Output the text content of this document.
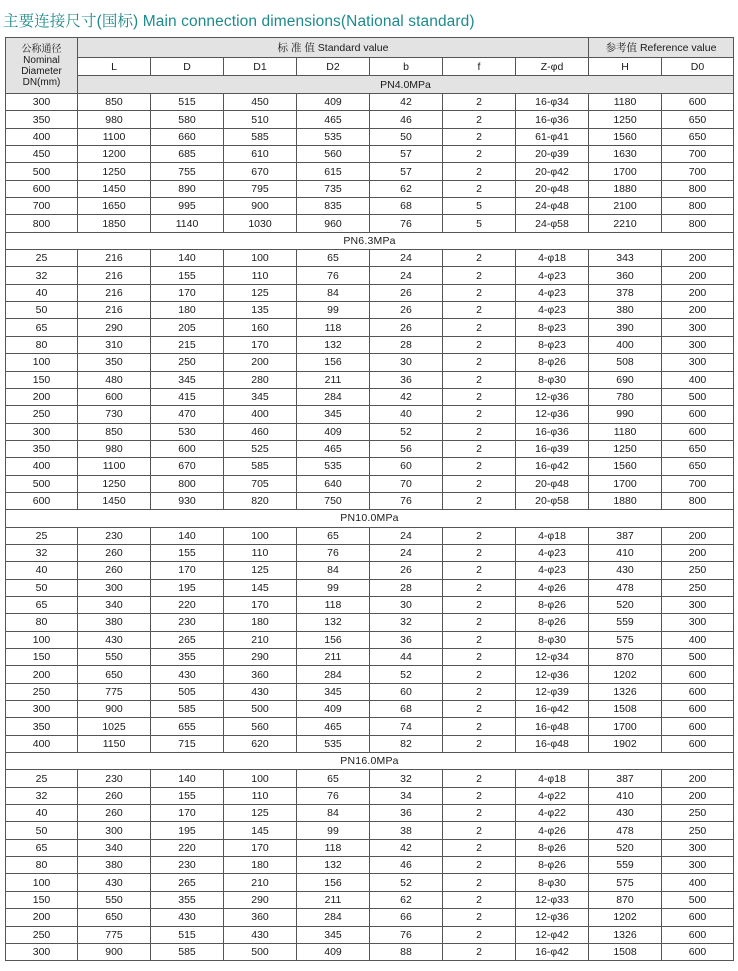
主要连接尺寸(国标) Main connection dimensions(National standard)
公称通径 Nominal Diameter DN(mm)	标 准 值 Standard value							参考值 Reference value	
	L	D	D1	D2	b	f	Z-φd	H	D0
	PN4.0MPa								
300	850	515	450	409	42	2	16-φ34	1180	600
350	980	580	510	465	46	2	16-φ36	1250	650
400	1100	660	585	535	50	2	61-φ41	1560	650
450	1200	685	610	560	57	2	20-φ39	1630	700
500	1250	755	670	615	57	2	20-φ42	1700	700
600	1450	890	795	735	62	2	20-φ48	1880	800
700	1650	995	900	835	68	5	24-φ48	2100	800
800	1850	1140	1030	960	76	5	24-φ58	2210	800
PN6.3MPa									
25	216	140	100	65	24	2	4-φ18	343	200
32	216	155	110	76	24	2	4-φ23	360	200
40	216	170	125	84	26	2	4-φ23	378	200
50	216	180	135	99	26	2	4-φ23	380	200
65	290	205	160	118	26	2	8-φ23	390	300
80	310	215	170	132	28	2	8-φ23	400	300
100	350	250	200	156	30	2	8-φ26	508	300
150	480	345	280	211	36	2	8-φ30	690	400
200	600	415	345	284	42	2	12-φ36	780	500
250	730	470	400	345	40	2	12-φ36	990	600
300	850	530	460	409	52	2	16-φ36	1180	600
350	980	600	525	465	56	2	16-φ39	1250	650
400	1100	670	585	535	60	2	16-φ42	1560	650
500	1250	800	705	640	70	2	20-φ48	1700	700
600	1450	930	820	750	76	2	20-φ58	1880	800
PN10.0MPa									
25	230	140	100	65	24	2	4-φ18	387	200
32	260	155	110	76	24	2	4-φ23	410	200
40	260	170	125	84	26	2	4-φ23	430	250
50	300	195	145	99	28	2	4-φ26	478	250
65	340	220	170	118	30	2	8-φ26	520	300
80	380	230	180	132	32	2	8-φ26	559	300
100	430	265	210	156	36	2	8-φ30	575	400
150	550	355	290	211	44	2	12-φ34	870	500
200	650	430	360	284	52	2	12-φ36	1202	600
250	775	505	430	345	60	2	12-φ39	1326	600
300	900	585	500	409	68	2	16-φ42	1508	600
350	1025	655	560	465	74	2	16-φ48	1700	600
400	1150	715	620	535	82	2	16-φ48	1902	600
PN16.0MPa									
25	230	140	100	65	32	2	4-φ18	387	200
32	260	155	110	76	34	2	4-φ22	410	200
40	260	170	125	84	36	2	4-φ22	430	250
50	300	195	145	99	38	2	4-φ26	478	250
65	340	220	170	118	42	2	8-φ26	520	300
80	380	230	180	132	46	2	8-φ26	559	300
100	430	265	210	156	52	2	8-φ30	575	400
150	550	355	290	211	62	2	12-φ33	870	500
200	650	430	360	284	66	2	12-φ36	1202	600
250	775	515	430	345	76	2	12-φ42	1326	600
300	900	585	500	409	88	2	16-φ42	1508	600
